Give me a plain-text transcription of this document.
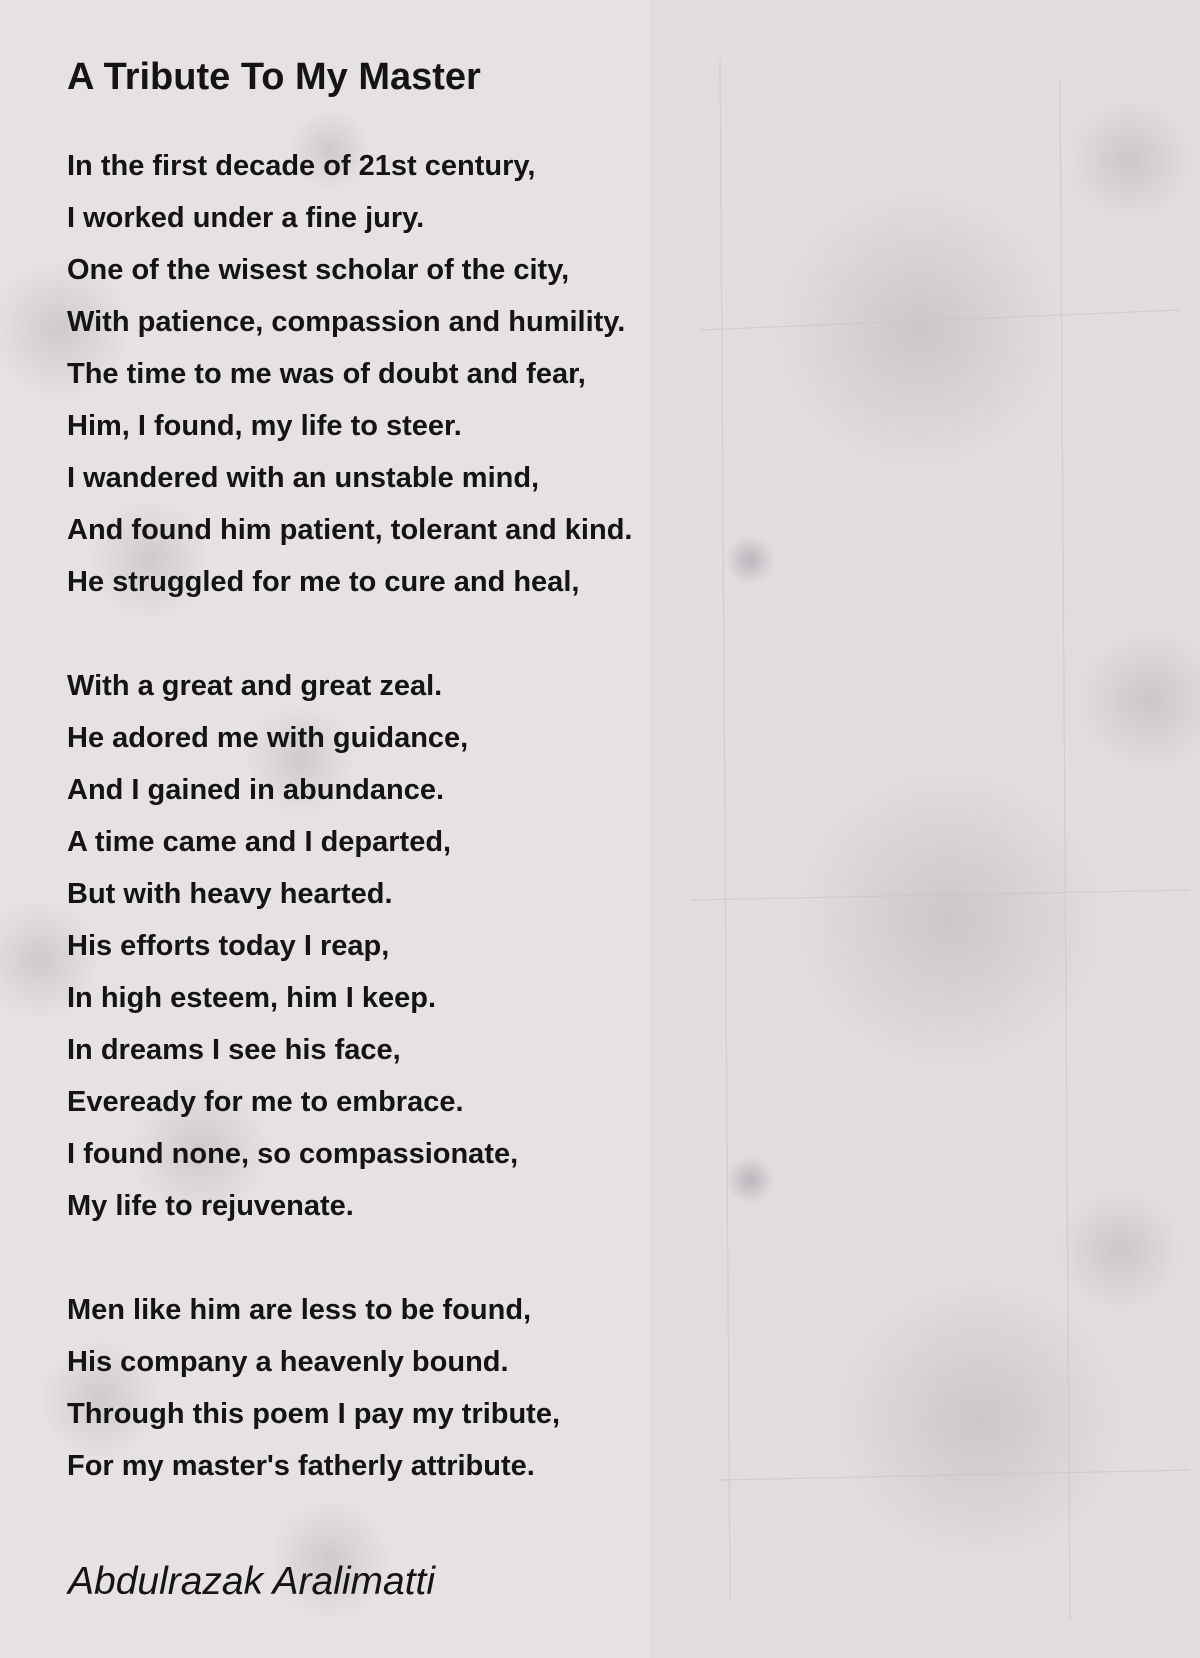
A Tribute To My Master
In the first decade of 21st century,
I worked under a fine jury.
One of the wisest scholar of the city,
With patience, compassion and humility.
The time to me was of doubt and fear,
Him, I found, my life to steer.
I wandered with an unstable mind,
And found him patient, tolerant and kind.
He struggled for me to cure and heal,
With a great and great zeal.
He adored me with guidance,
And I gained in abundance.
A time came and I departed,
But with heavy hearted.
His efforts today I reap,
In high esteem, him I keep.
In dreams I see his face,
Eveready for me to embrace.
I found none, so compassionate,
My life to rejuvenate.
Men like him are less to be found,
His company a heavenly bound.
Through this poem I pay my tribute,
For my master's fatherly attribute.
Abdulrazak Aralimatti
